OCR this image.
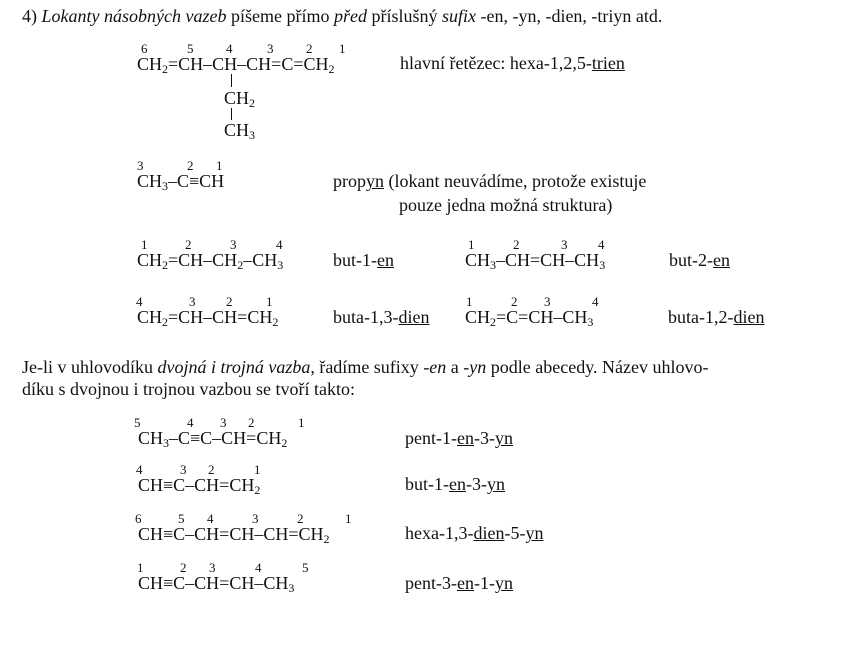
4) Lokanty násobných vazeb píšeme přímo před příslušný sufix -en, -yn, -dien, -triyn atd.
6	5	4	3	2 1
$CH_2=CH-CH-CH=C=CH_2$
$CH_2$
$CH_3$
hlavní řetězec: hexa-1,2,5-trien
3	2 1
$CH_3-C\equiv CH$	propyn (lokant neuvádíme, protože existuje
pouze jedna možná struktura)
1	2	3	4
$CH_2=CH-CH_2-CH_3$	but-1-en
1	2	3 4
$CH_3-CH=CH-CH_3$	but-2-en
4	3 2	1
$CH_2=CH-CH=CH_2$	buta-1,3-dien
1	2 3	4
$CH_2=C=CH-CH_3$	buta-1,2-dien
Je-li v uhlovodíku dvojná i trojná vazba, řadíme sufixy -en a -yn podle abecedy. Název uhlovo-
díku s dvojnou i trojnou vazbou se tvoří takto:
5	4 3 2	1
$CH_3-C\equiv C-CH=CH_2$	pent-1-en-3-yn
4	3 2	1
$CH\equiv C-CH=CH_2$	but-1-en-3-yn
6	5 4	3	2	1
$CH\equiv C-CH=CH-CH=CH_2$	hexa-1,3-dien-5-yn
1	2 3	4	5
$CH\equiv C-CH=CH-CH_3$	pent-3-en-1-yn
